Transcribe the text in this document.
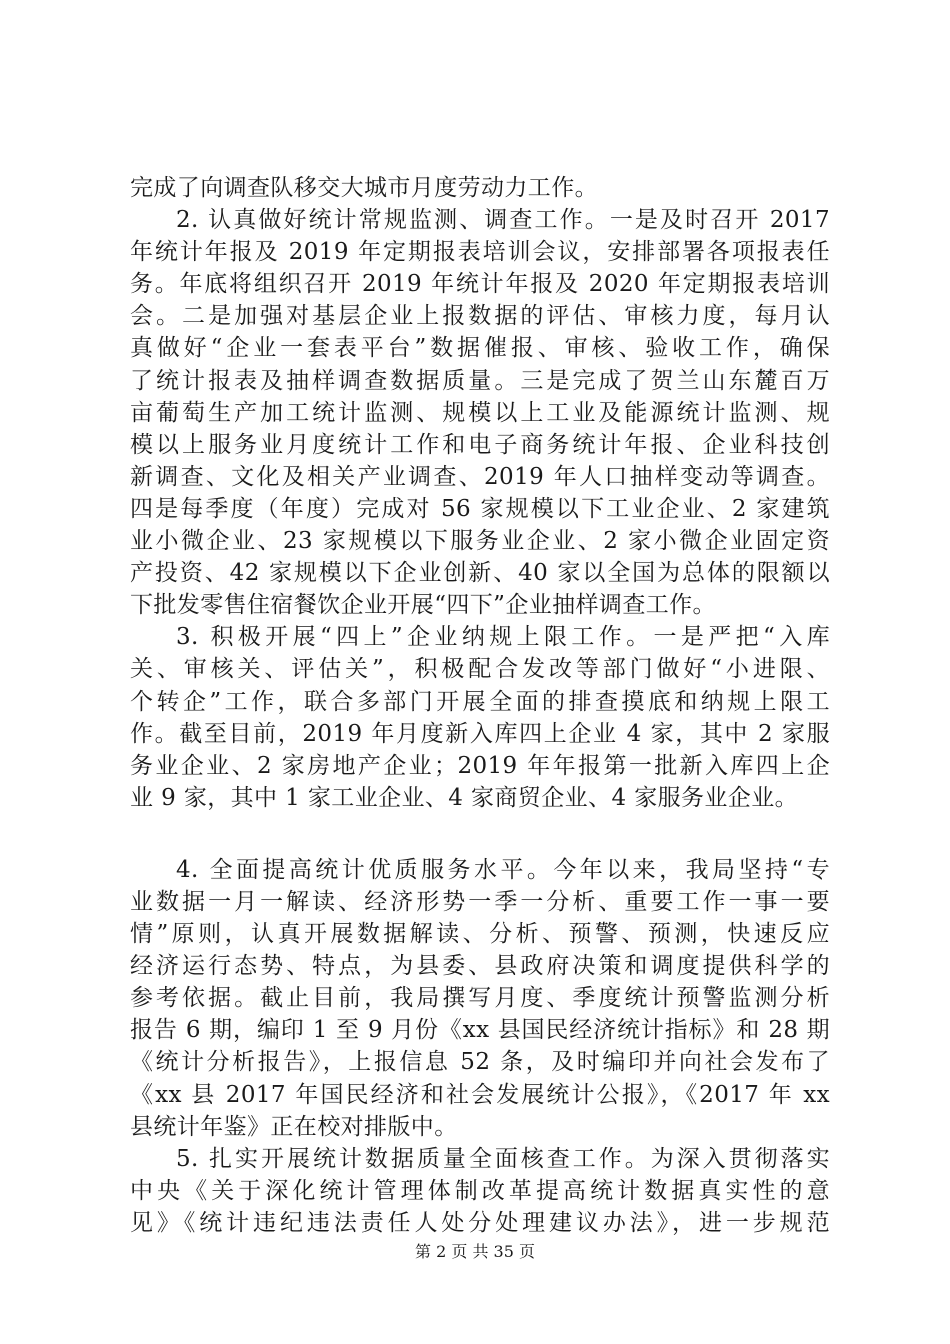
完成了向调查队移交大城市月度劳动力工作。
2. 认真做好统计常规监测、调查工作。一是及时召开 2017
年统计年报及 2019 年定期报表培训会议，安排部署各项报表任
务。年底将组织召开 2019 年统计年报及 2020 年定期报表培训
会。二是加强对基层企业上报数据的评估、审核力度，每月认
真做好“企业一套表平台”数据催报、审核、验收工作，确保
了统计报表及抽样调查数据质量。三是完成了贺兰山东麓百万
亩葡萄生产加工统计监测、规模以上工业及能源统计监测、规
模以上服务业月度统计工作和电子商务统计年报、企业科技创
新调查、文化及相关产业调查、2019 年人口抽样变动等调查。
四是每季度（年度）完成对 56 家规模以下工业企业、2 家建筑
业小微企业、23 家规模以下服务业企业、2 家小微企业固定资
产投资、42 家规模以下企业创新、40 家以全国为总体的限额以
下批发零售住宿餐饮企业开展“四下”企业抽样调查工作。
3. 积极开展“四上”企业纳规上限工作。一是严把“入库
关、审核关、评估关”，积极配合发改等部门做好“小进限、
个转企”工作，联合多部门开展全面的排查摸底和纳规上限工
作。截至目前，2019 年月度新入库四上企业 4 家，其中 2 家服
务业企业、2 家房地产企业；2019 年年报第一批新入库四上企
业 9 家，其中 1 家工业企业、4 家商贸企业、4 家服务业企业。
4. 全面提高统计优质服务水平。今年以来，我局坚持“专
业数据一月一解读、经济形势一季一分析、重要工作一事一要
情”原则，认真开展数据解读、分析、预警、预测，快速反应
经济运行态势、特点，为县委、县政府决策和调度提供科学的
参考依据。截止目前，我局撰写月度、季度统计预警监测分析
报告 6 期，编印 1 至 9 月份《xx 县国民经济统计指标》和 28 期
《统计分析报告》，上报信息 52 条，及时编印并向社会发布了
《xx 县 2017 年国民经济和社会发展统计公报》，《2017 年 xx
县统计年鉴》正在校对排版中。
5. 扎实开展统计数据质量全面核查工作。为深入贯彻落实
中央《关于深化统计管理体制改革提高统计数据真实性的意
见》《统计违纪违法责任人处分处理建议办法》，进一步规范
第 2 页 共 35 页
